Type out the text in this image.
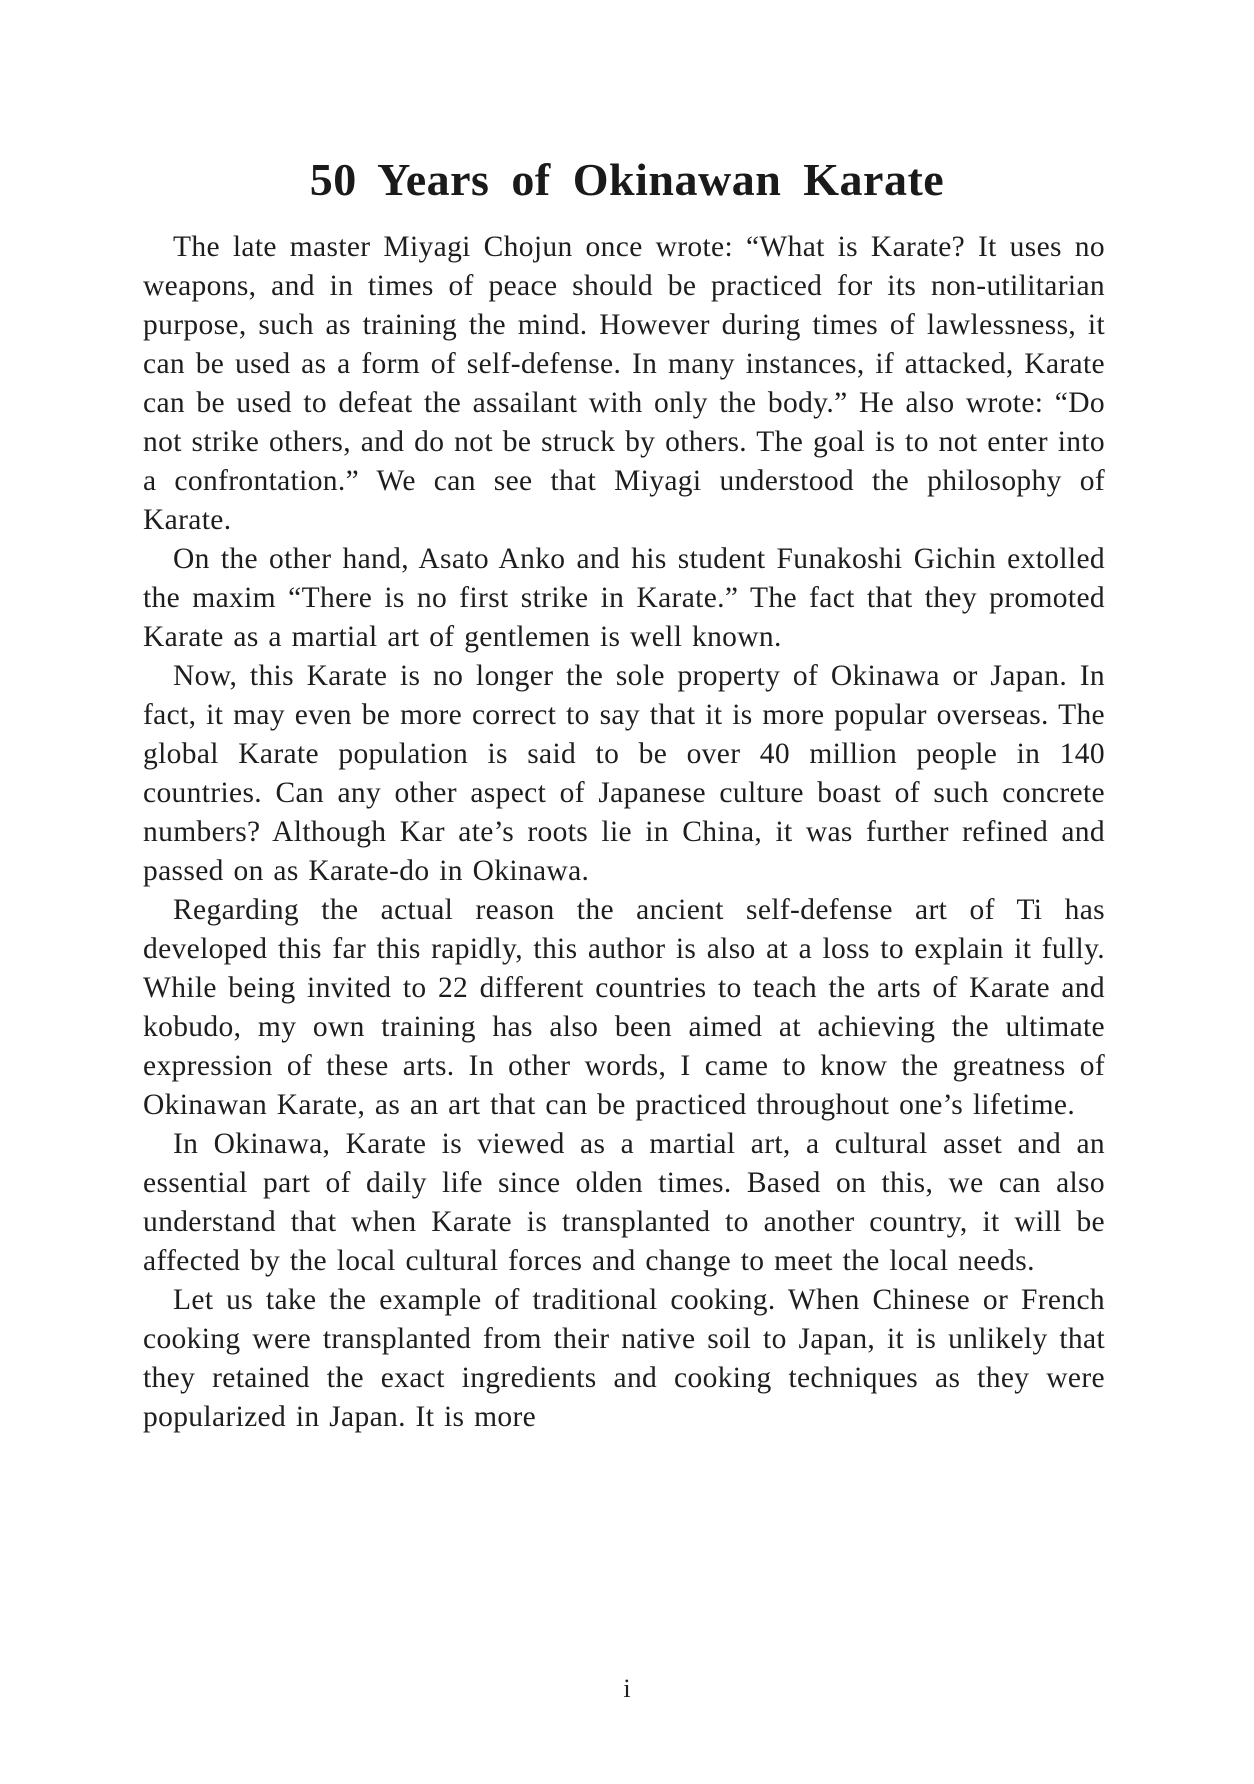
50 Years of Okinawan Karate

The late master Miyagi Chojun once wrote: “What is Karate? It uses no weapons, and in times of peace should be practiced for its non-utilitarian purpose, such as training the mind. However during times of lawlessness, it can be used as a form of self-defense. In many instances, if attacked, Karate can be used to defeat the assailant with only the body.” He also wrote: “Do not strike others, and do not be struck by others. The goal is to not enter into a confrontation.” We can see that Miyagi understood the philosophy of Karate.

On the other hand, Asato Anko and his student Funakoshi Gichin extolled the maxim “There is no first strike in Karate.” The fact that they promoted Karate as a martial art of gentlemen is well known.

Now, this Karate is no longer the sole property of Okinawa or Japan. In fact, it may even be more correct to say that it is more popular overseas. The global Karate population is said to be over 40 million people in 140 countries. Can any other aspect of Japanese culture boast of such concrete numbers? Although Kar ate’s roots lie in China, it was further refined and passed on as Karate-do in Okinawa.

Regarding the actual reason the ancient self-defense art of Ti has developed this far this rapidly, this author is also at a loss to explain it fully. While being invited to 22 different countries to teach the arts of Karate and kobudo, my own training has also been aimed at achieving the ultimate expression of these arts. In other words, I came to know the greatness of Okinawan Karate, as an art that can be practiced throughout one’s lifetime.

In Okinawa, Karate is viewed as a martial art, a cultural asset and an essential part of daily life since olden times. Based on this, we can also understand that when Karate is transplanted to another country, it will be affected by the local cultural forces and change to meet the local needs.

Let us take the example of traditional cooking. When Chinese or French cooking were transplanted from their native soil to Japan, it is unlikely that they retained the exact ingredients and cooking techniques as they were popularized in Japan. It is more

i
